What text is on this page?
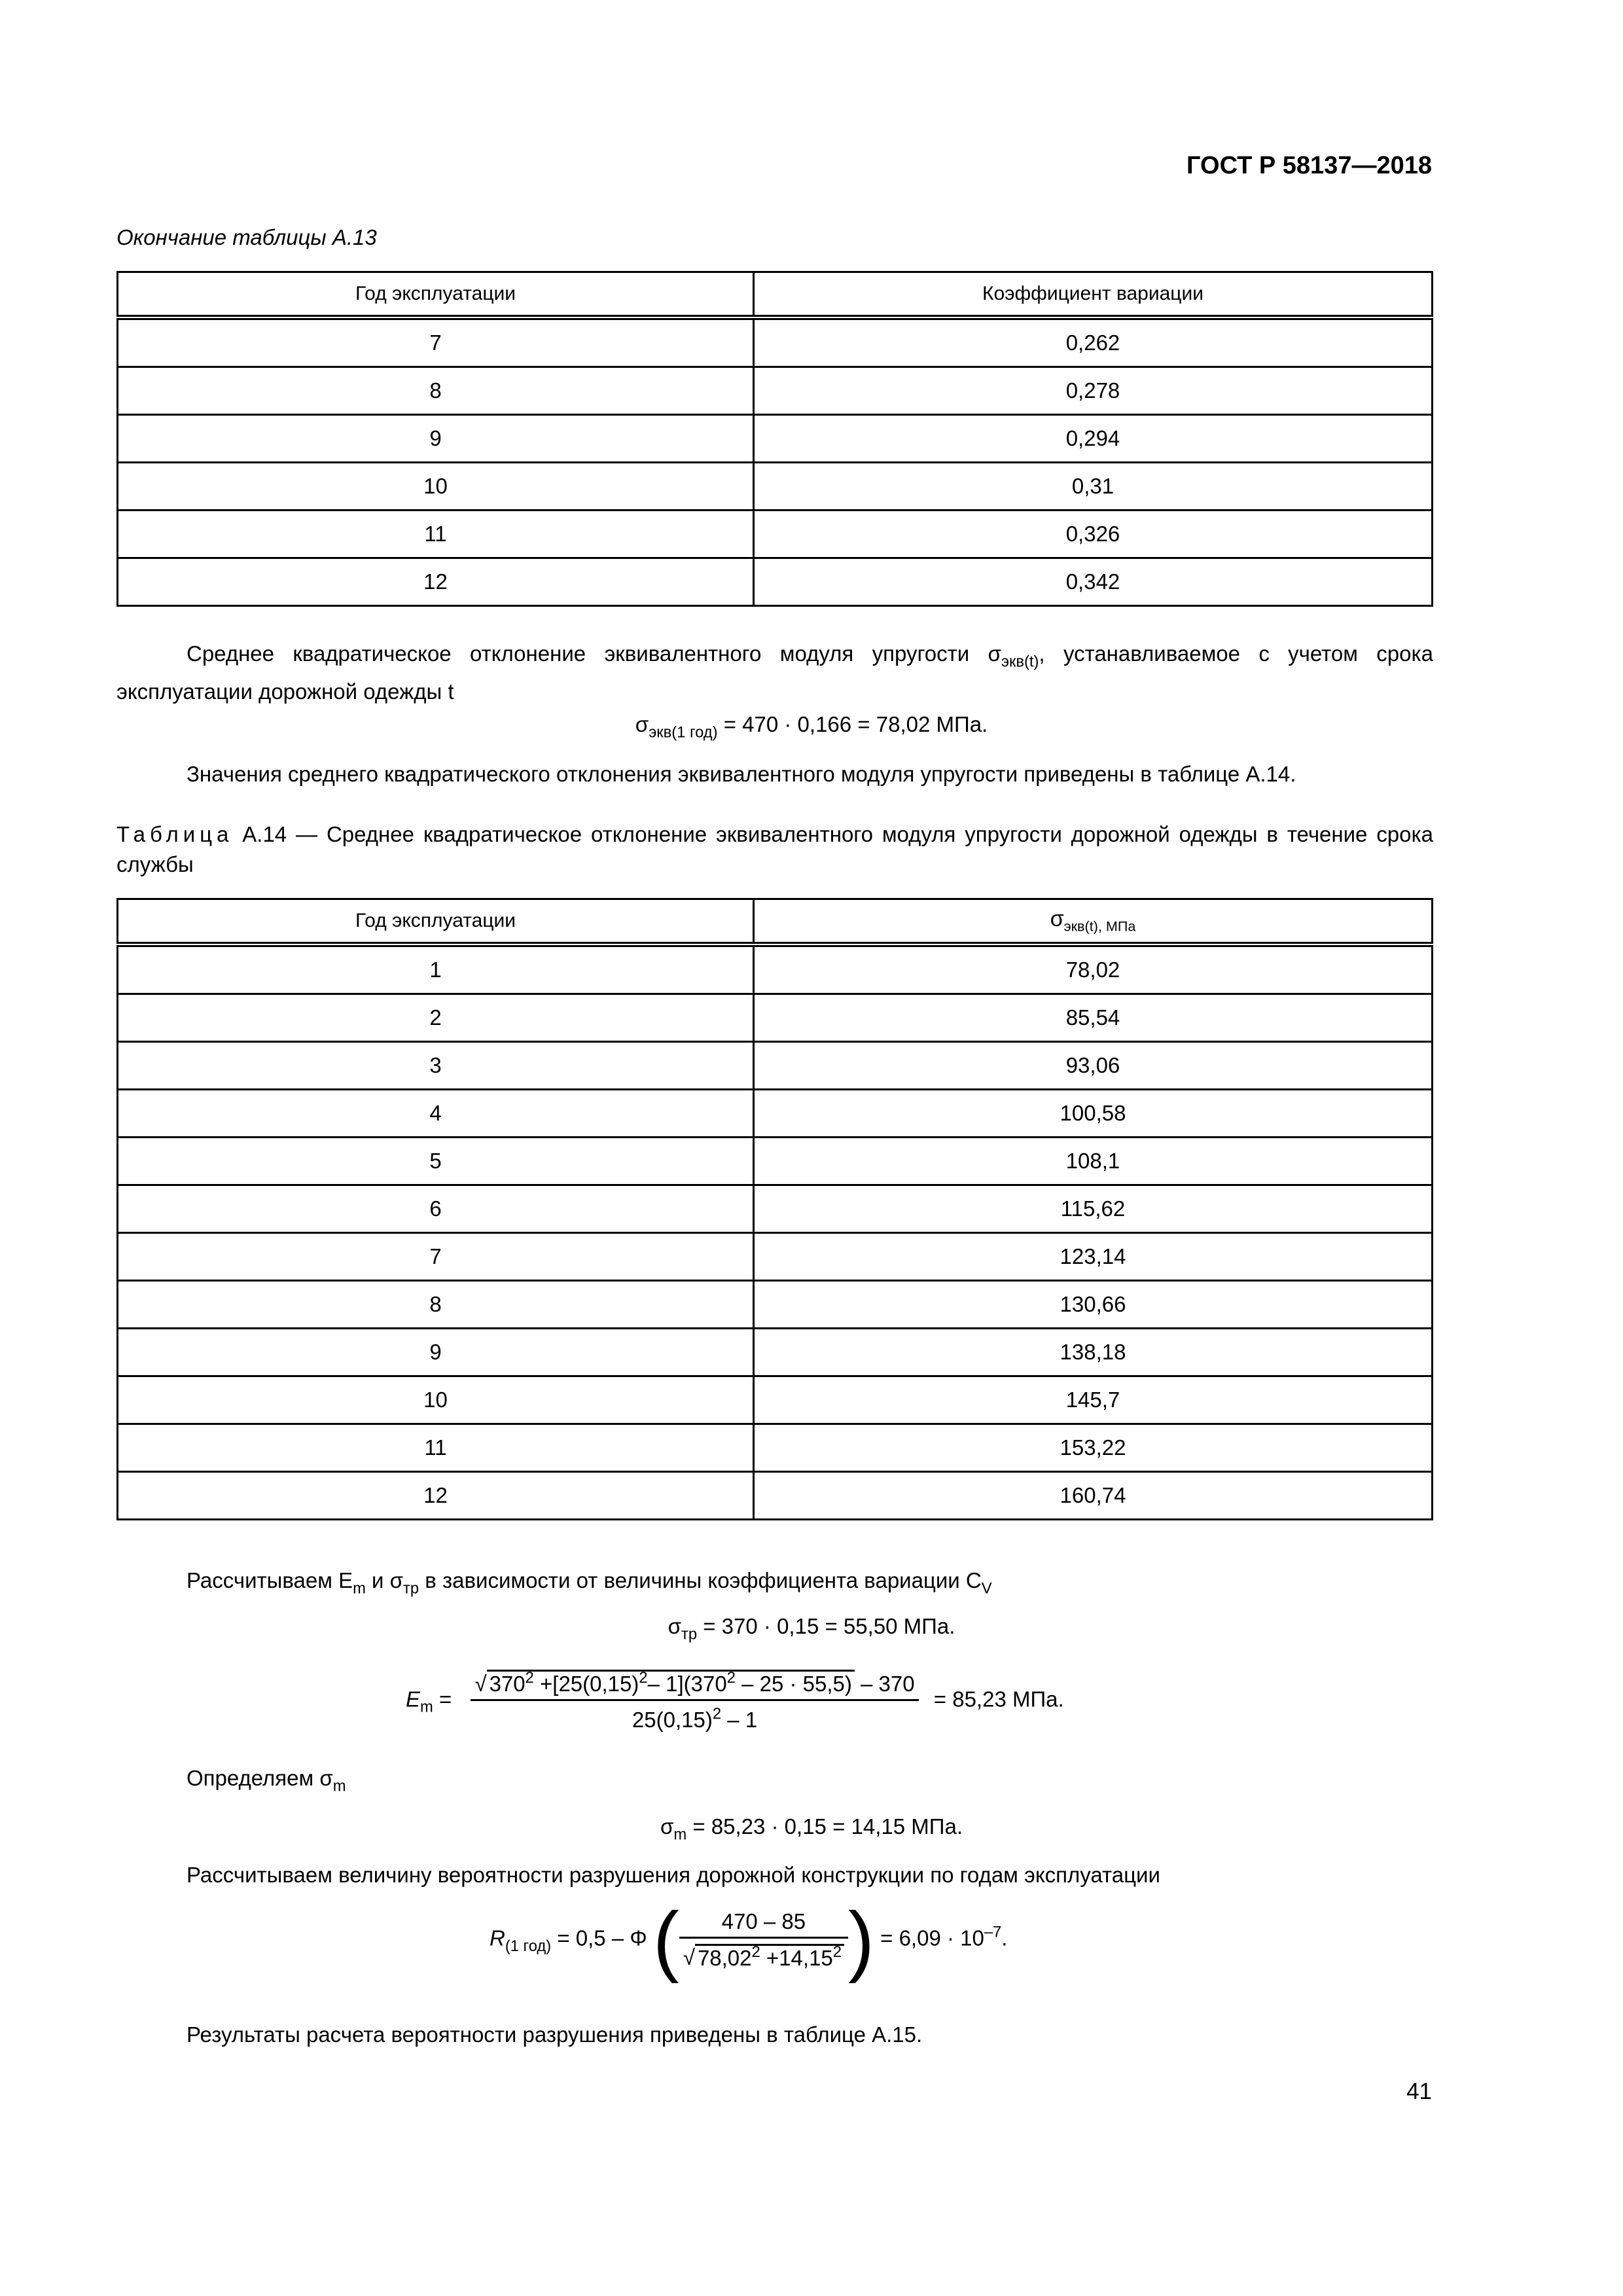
ГОСТ Р 58137—2018
Окончание таблицы А.13
Год эксплуатации	Коэффициент вариации
7	0,262
8	0,278
9	0,294
10	0,31
11	0,326
12	0,342
Среднее квадратическое отклонение эквивалентного модуля упругости $\sigma_{экв(t)}$, устанавливаемое с учетом срока эксплуатации дорожной одежды t
$\sigma_{экв(1 год)} = 470 \cdot 0,166 = 78,02$ МПа.
Значения среднего квадратического отклонения эквивалентного модуля упругости приведены в таблице А.14.
Таблица А.14 — Среднее квадратическое отклонение эквивалентного модуля упругости дорожной одежды в течение срока службы
Год эксплуатации	$\sigma_{экв(t), МПа}$
1	78,02
2	85,54
3	93,06
4	100,58
5	108,1
6	115,62
7	123,14
8	130,66
9	138,18
10	145,7
11	153,22
12	160,74
Рассчитываем $E_m$ и $\sigma_{тр}$ в зависимости от величины коэффициента вариации $C_V$
$\sigma_{тр} = 370 \cdot 0,15 = 55,50$ МПа.
$E_m = \frac{√ 370^2 +[25(0,15)^2- 1](370^2 - 25 \cdot 55,5) - 370}{25(0,15)^2 - 1} = 85,23$ МПа.
Определяем $\sigma_m$
$\sigma_m = 85,23 \cdot 0,15 = 14,15$ МПа.
Рассчитываем величину вероятности разрушения дорожной конструкции по годам эксплуатации
$R_{(1 год)} = 0,5 - \Phi$ ( $\frac{470 - 85}{√ 78,02^2 +14,15^2}$ ) = $6,09 \cdot 10^{-7}$.
Результаты расчета вероятности разрушения приведены в таблице А.15.
41
